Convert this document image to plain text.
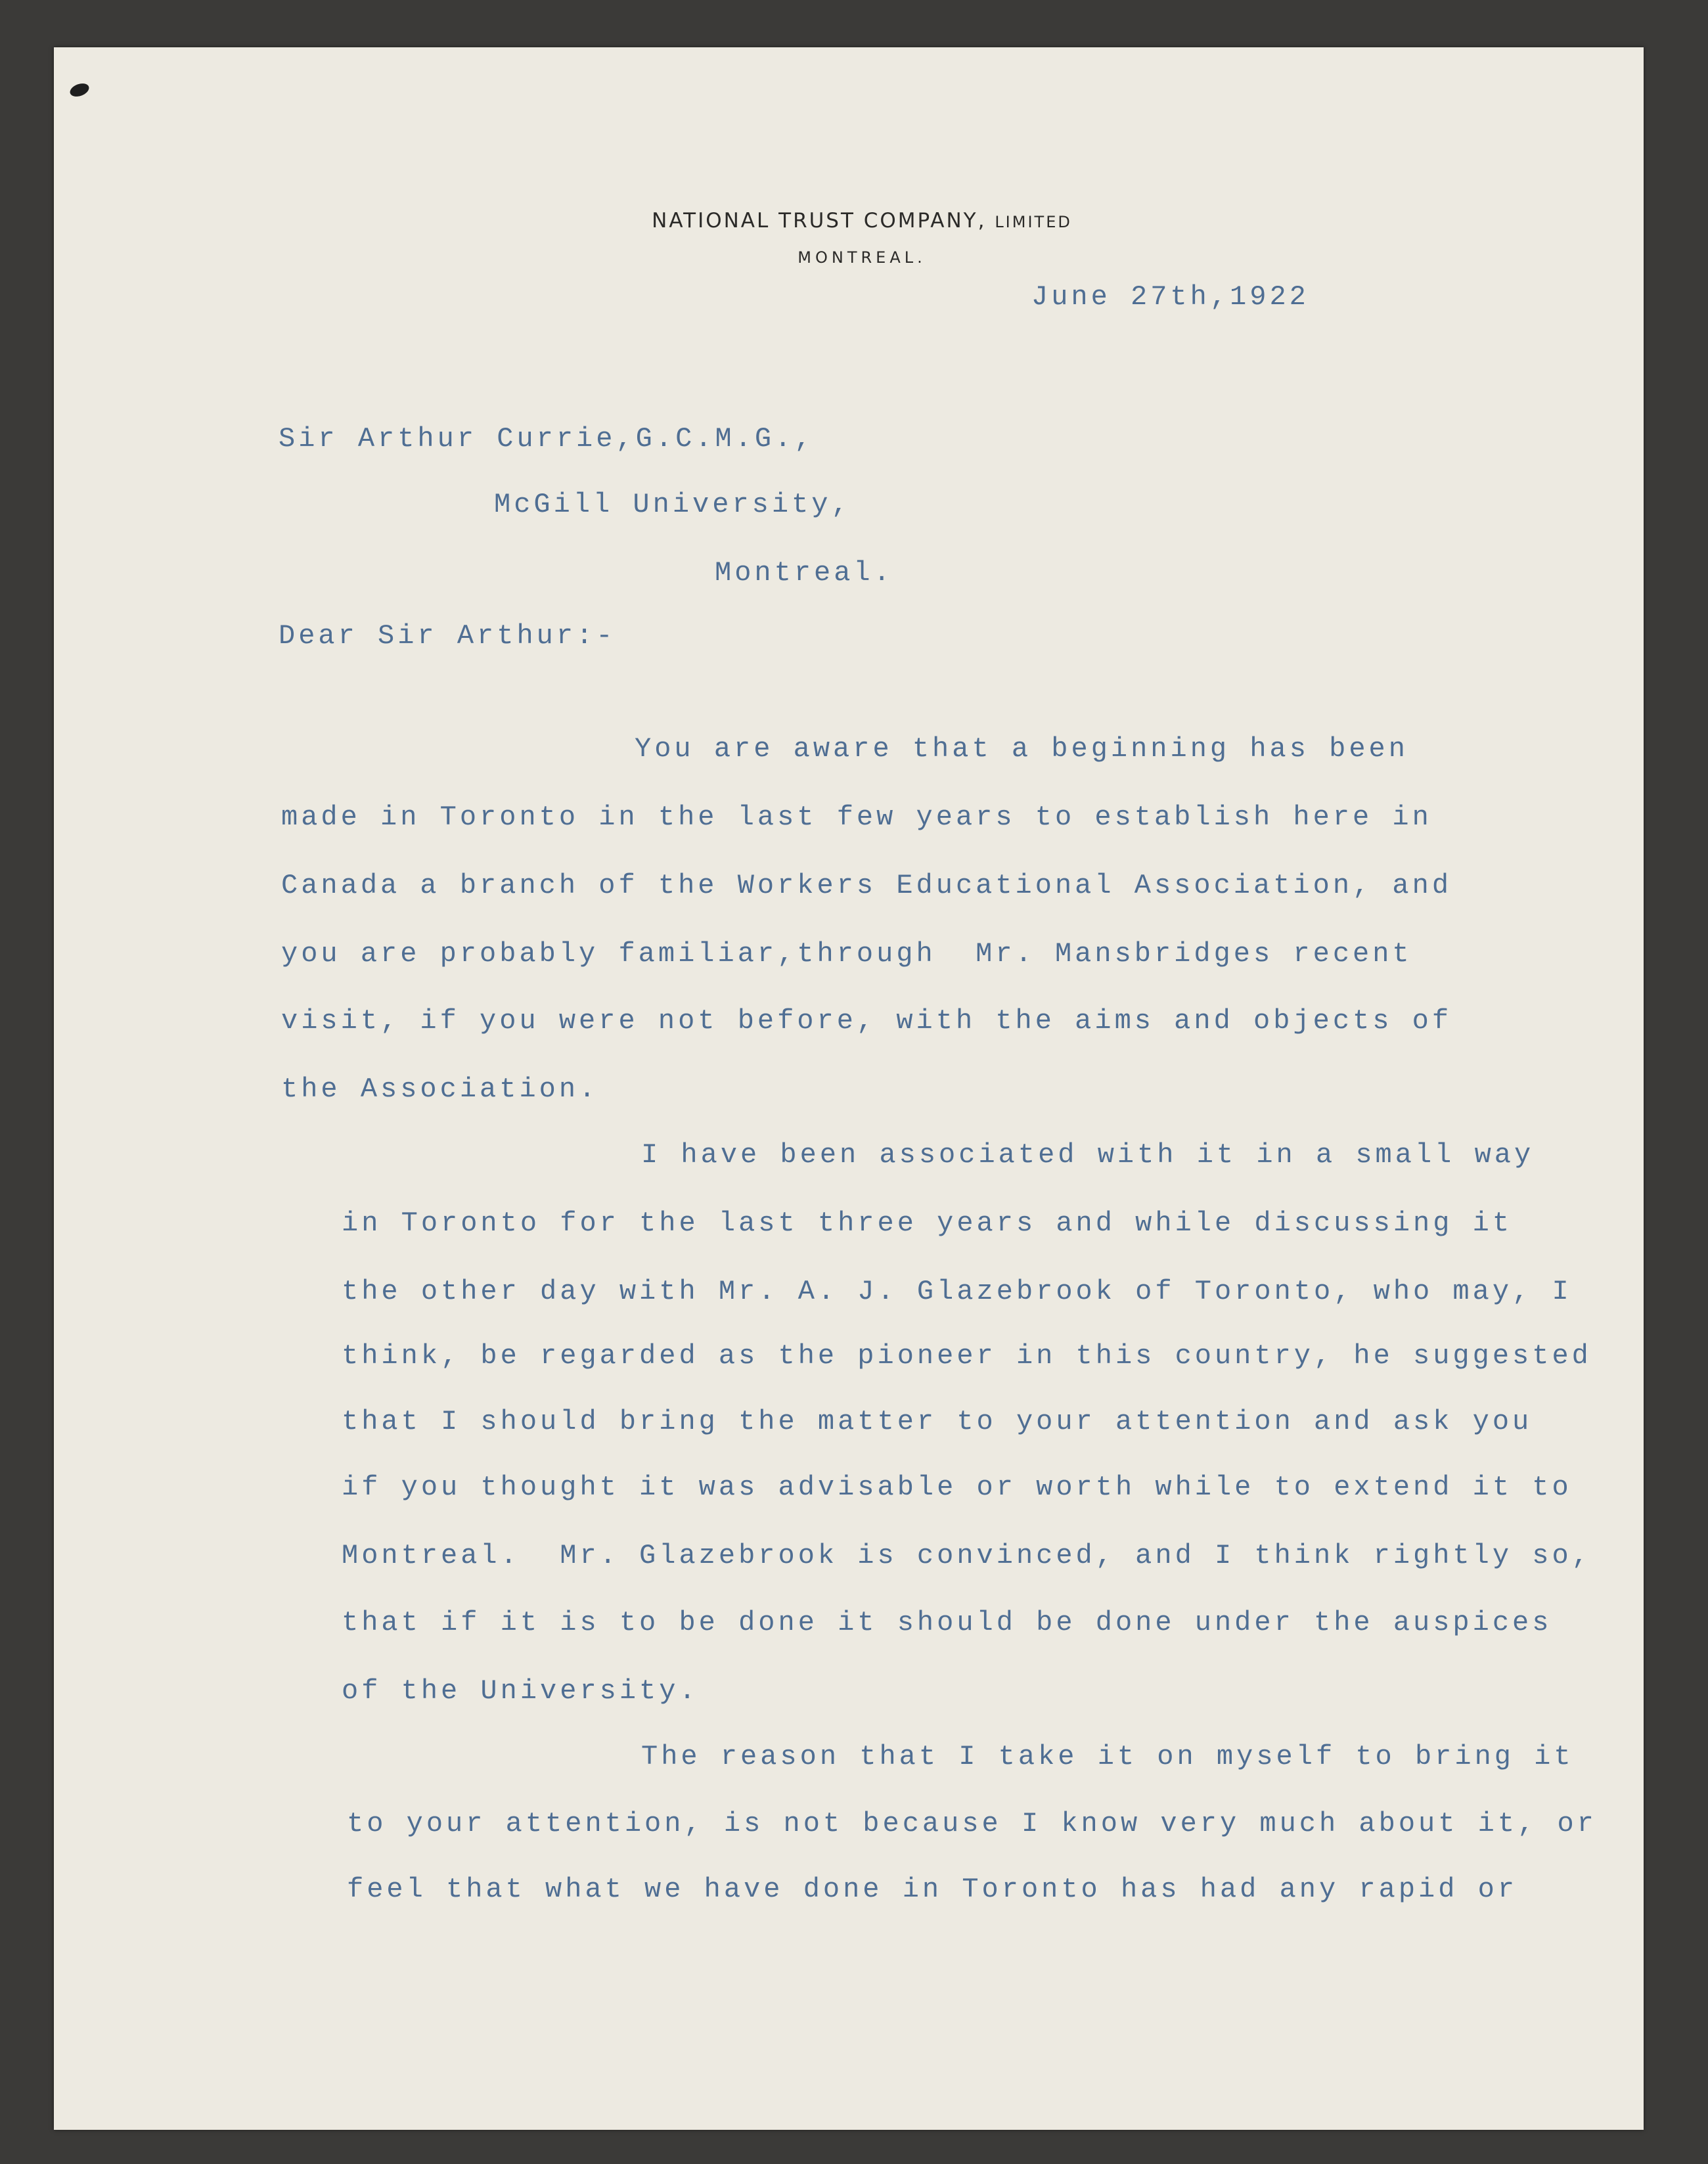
NATIONAL TRUST COMPANY, LIMITED
MONTREAL.
June 27th,1922
Sir Arthur Currie,G.C.M.G.,
McGill University,
Montreal.
Dear Sir Arthur:-
You are aware that a beginning has been
made in Toronto in the last few years to establish here in
Canada a branch of the Workers Educational Association, and
you are probably familiar,through  Mr. Mansbridges recent
visit, if you were not before, with the aims and objects of
the Association.
I have been associated with it in a small way
in Toronto for the last three years and while discussing it
the other day with Mr. A. J. Glazebrook of Toronto, who may, I
think, be regarded as the pioneer in this country, he suggested
that I should bring the matter to your attention and ask you
if you thought it was advisable or worth while to extend it to
Montreal.  Mr. Glazebrook is convinced, and I think rightly so,
that if it is to be done it should be done under the auspices
of the University.
The reason that I take it on myself to bring it
to your attention, is not because I know very much about it, or
feel that what we have done in Toronto has had any rapid or
